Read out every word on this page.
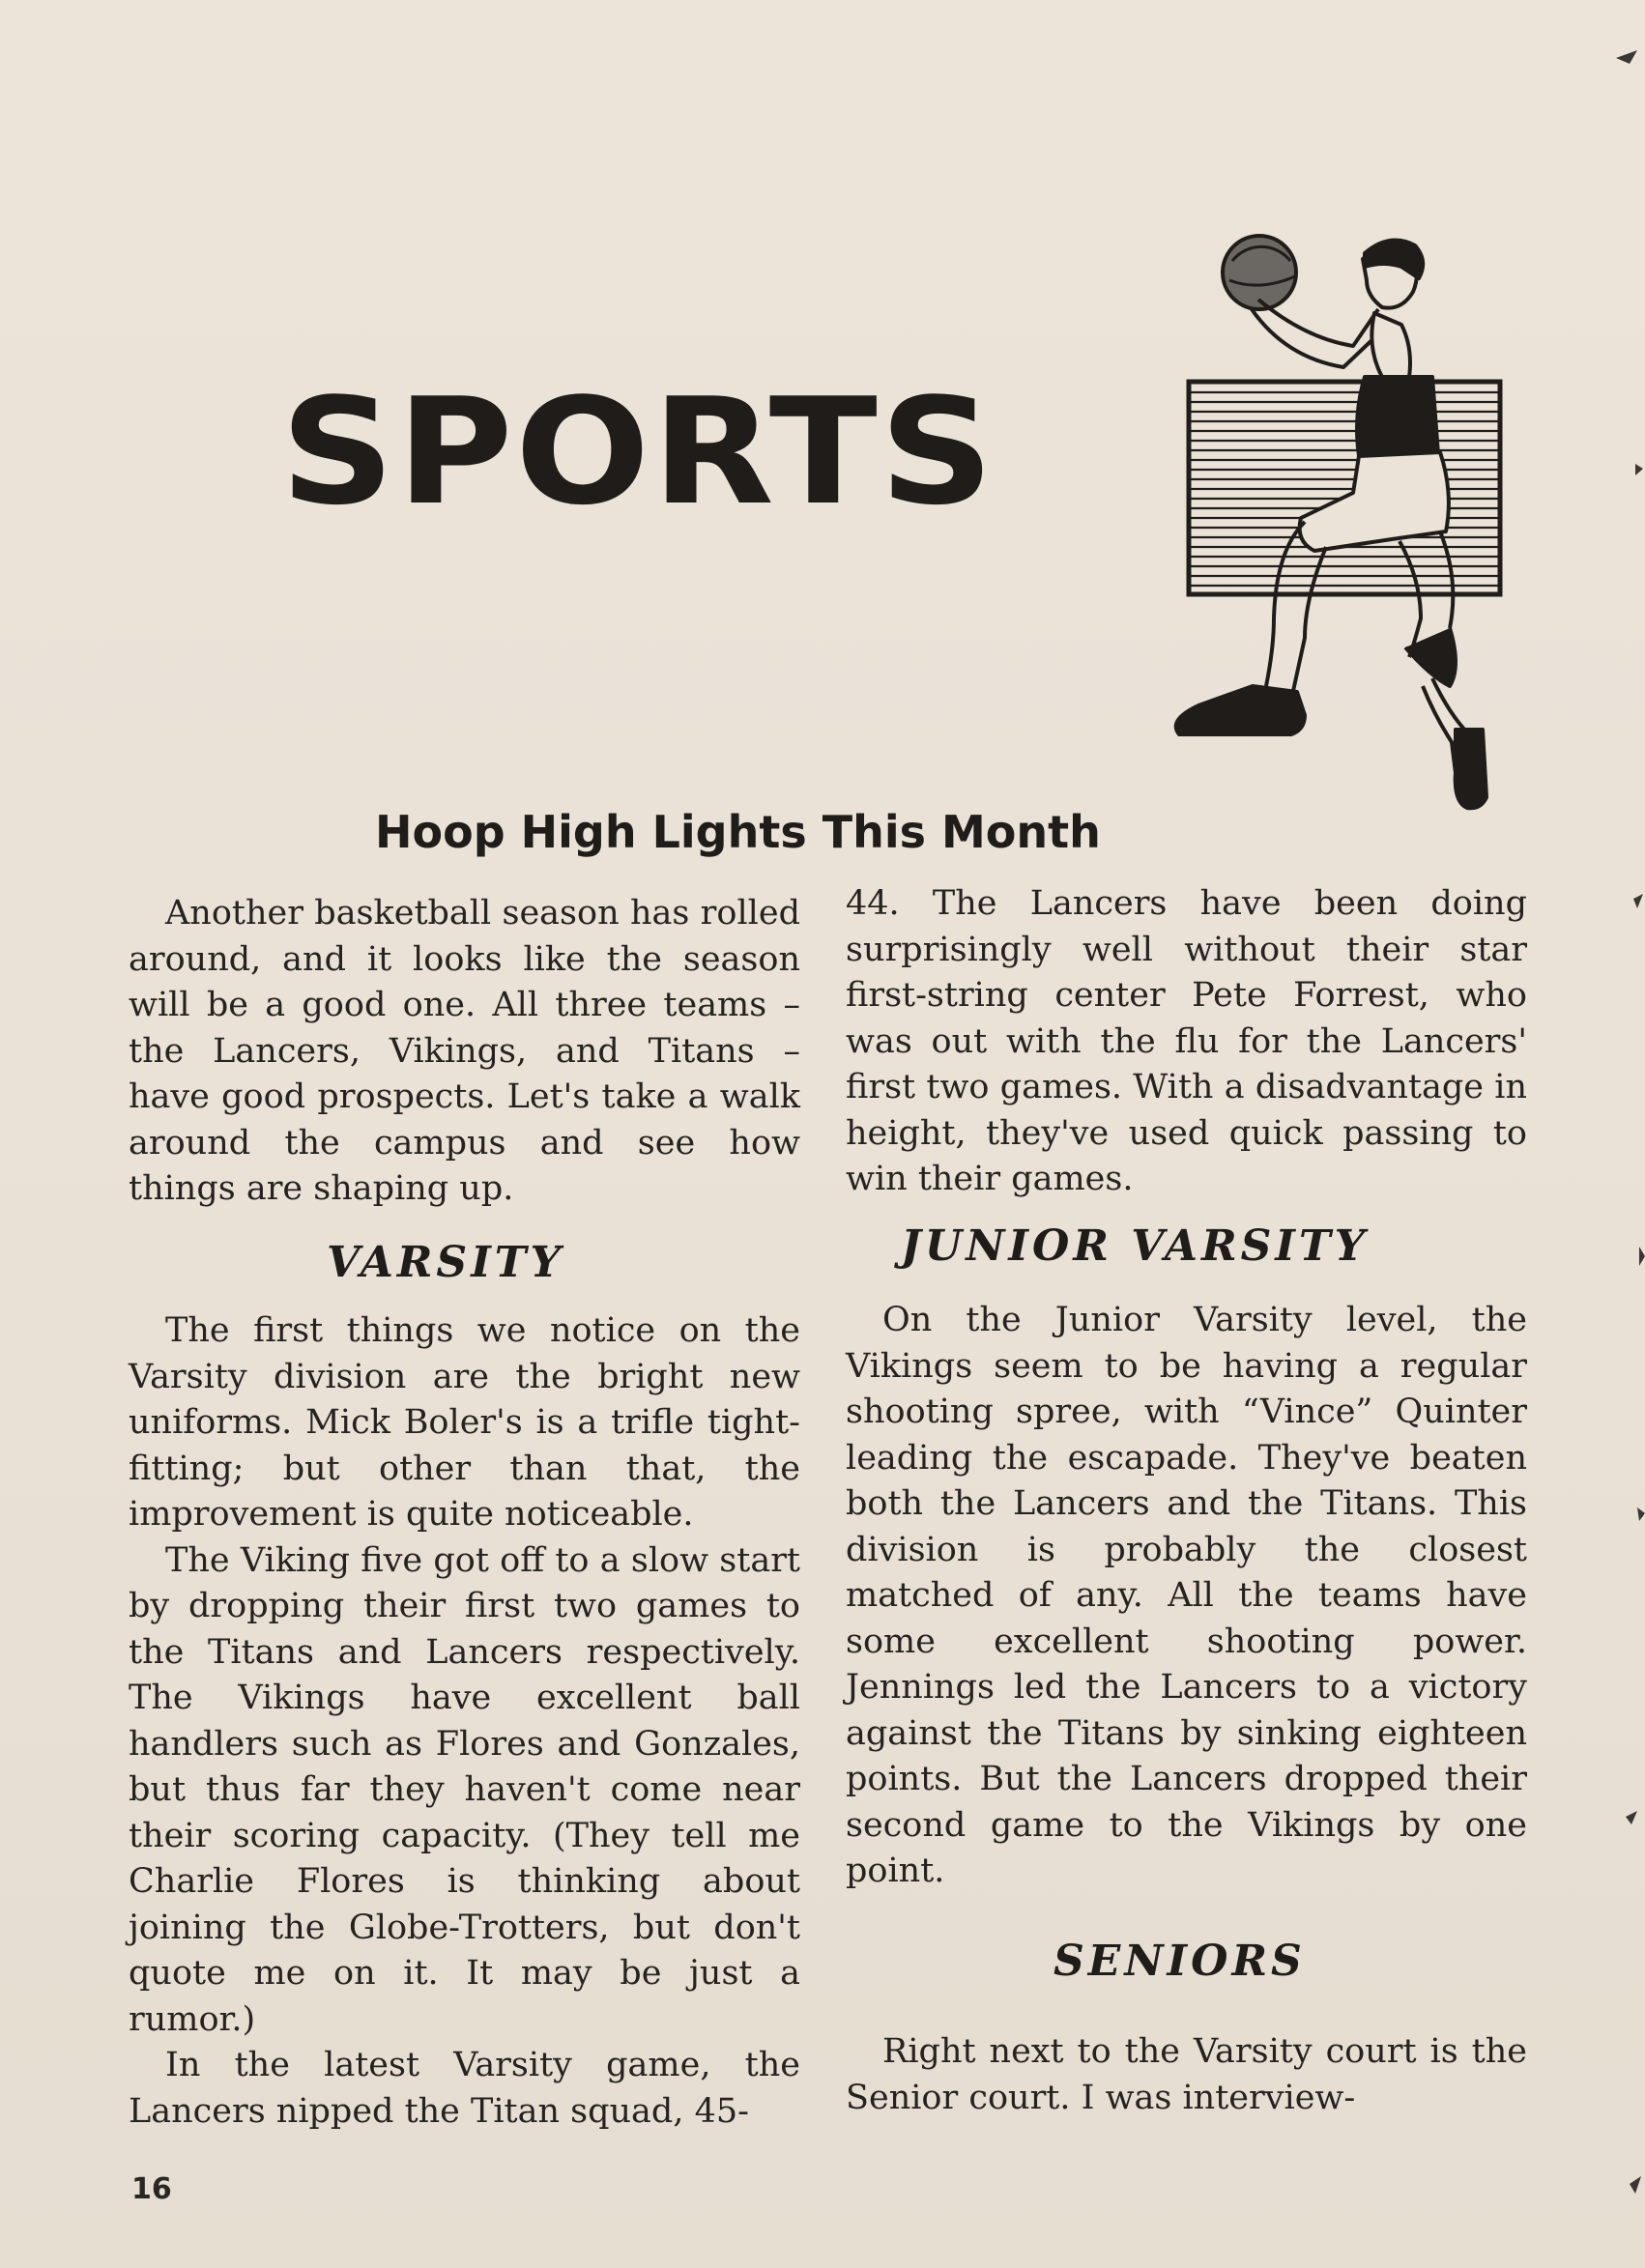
SPORTS
Hoop High Lights This Month

Another basketball season has rolled around, and it looks like the season will be a good one. All three teams – the Lancers, Vikings, and Titans – have good prospects. Let's take a walk around the campus and see how things are shaping up.

VARSITY

The first things we notice on the Varsity division are the bright new uniforms. Mick Boler's is a trifle tight-fitting; but other than that, the improvement is quite noticeable.

The Viking five got off to a slow start by dropping their first two games to the Titans and Lancers respectively. The Vikings have excellent ball handlers such as Flores and Gonzales, but thus far they haven't come near their scoring capacity. (They tell me Charlie Flores is thinking about joining the Globe-Trotters, but don't quote me on it. It may be just a rumor.)

In the latest Varsity game, the Lancers nipped the Titan squad, 45-

44. The Lancers have been doing surprisingly well without their star first-string center Pete Forrest, who was out with the flu for the Lancers' first two games. With a disadvantage in height, they've used quick passing to win their games.

JUNIOR VARSITY

On the Junior Varsity level, the Vikings seem to be having a regular shooting spree, with “Vince” Quinter leading the escapade. They've beaten both the Lancers and the Titans. This division is probably the closest matched of any. All the teams have some excellent shooting power. Jennings led the Lancers to a victory against the Titans by sinking eighteen points. But the Lancers dropped their second game to the Vikings by one point.

SENIORS

Right next to the Varsity court is the Senior court. I was interview-

16
